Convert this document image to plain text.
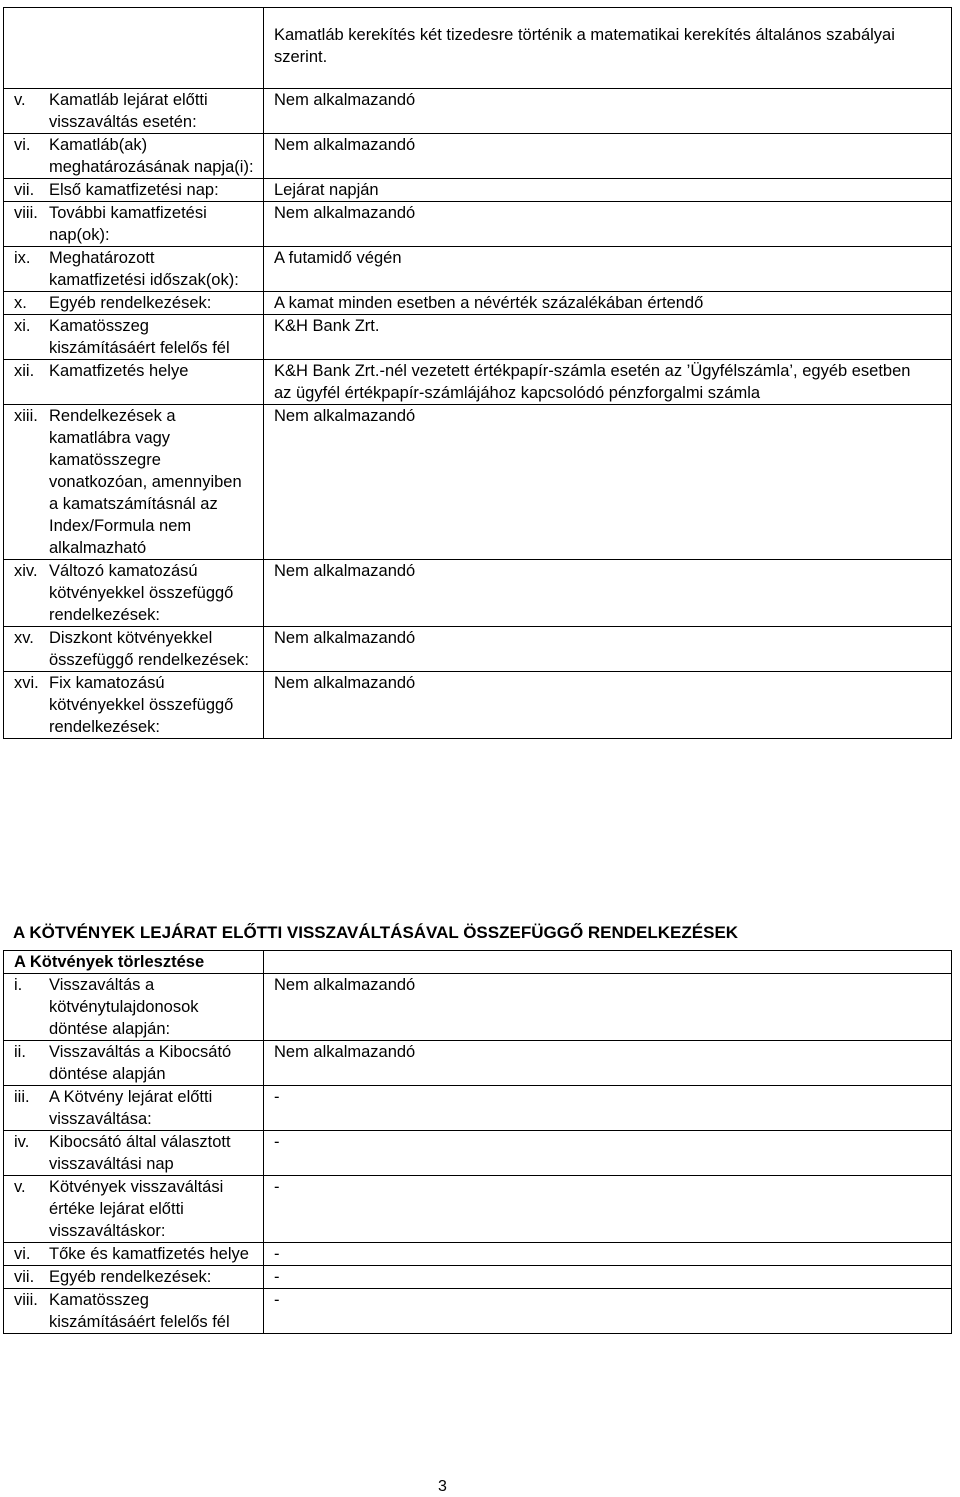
	Kamatláb kerekítés két tizedesre történik a matematikai kerekítés általános szabályai szerint.

v. Kamatláb lejárat előtti visszaváltás esetén:	Nem alkalmazandó

vi. Kamatláb(ak) meghatározásának napja(i):	Nem alkalmazandó

vii. Első kamatfizetési nap:	Lejárat napján

viii. További kamatfizetési nap(ok):	Nem alkalmazandó

ix. Meghatározott kamatfizetési időszak(ok):	A futamidő végén

x. Egyéb rendelkezések:	A kamat minden esetben a névérték százalékában értendő

xi. Kamatösszeg kiszámításáért felelős fél	K&H Bank Zrt.

xii. Kamatfizetés helye	K&H Bank Zrt.-nél vezetett értékpapír-számla esetén az ’Ügyfélszámla’, egyéb esetben
az ügyfél értékpapír-számlájához kapcsolódó pénzforgalmi számla

xiii. Rendelkezések a kamatlábra vagy kamatösszegre vonatkozóan, amennyiben a kamatszámításnál az Index/Formula nem alkalmazható	Nem alkalmazandó

xiv. Változó kamatozású kötvényekkel összefüggő rendelkezések:	Nem alkalmazandó

xv. Diszkont kötvényekkel összefüggő rendelkezések:	Nem alkalmazandó

xvi. Fix kamatozású kötvényekkel összefüggő rendelkezések:	Nem alkalmazandó
A KÖTVÉNYEK LEJÁRAT ELŐTTI VISSZAVÁLTÁSÁVAL ÖSSZEFÜGGŐ RENDELKEZÉSEK
A Kötvények törlesztése	

i. Visszaváltás a kötvénytulajdonosok döntése alapján:	Nem alkalmazandó

ii. Visszaváltás a Kibocsátó döntése alapján	Nem alkalmazandó

iii. A Kötvény lejárat előtti visszaváltása:	-

iv. Kibocsátó által választott visszaváltási nap	-

v. Kötvények visszaváltási értéke lejárat előtti visszaváltáskor:	-

vi. Tőke és kamatfizetés helye	-

vii. Egyéb rendelkezések:	-

viii. Kamatösszeg kiszámításáért felelős fél	-
3
